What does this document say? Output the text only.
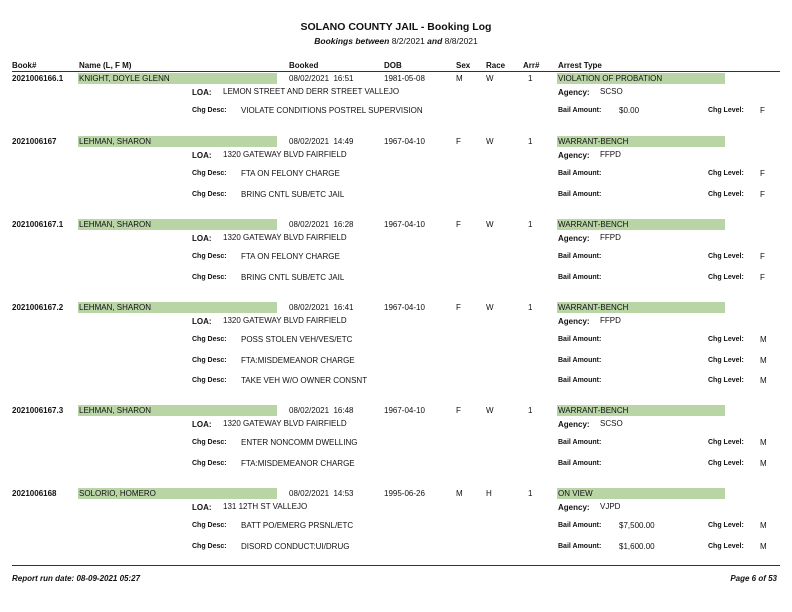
SOLANO COUNTY JAIL - Booking Log
Bookings between 8/2/2021 and 8/8/2021
Book#	Name (L, F M)	Booked	DOB	Sex Race Arr# Arrest Type
2021006166.1 KNIGHT, DOYLE GLENN	08/02/2021  16:51	1981-05-08	M	W	1	VIOLATION OF PROBATION
LOA: LEMON STREET AND DERR STREET VALLEJO	Agency: SCSO
Chg Desc: VIOLATE CONDITIONS POSTREL SUPERVISION	Bail Amount: $0.00	Chg Level: F
2021006167	LEHMAN, SHARON	08/02/2021  14:49	1967-04-10	F	W	1	WARRANT-BENCH
LOA: 1320 GATEWAY BLVD FAIRFIELD	Agency: FFPD
Chg Desc: FTA ON FELONY CHARGE	Bail Amount:	Chg Level: F
Chg Desc: BRING CNTL SUB/ETC JAIL	Bail Amount:	Chg Level: F
2021006167.1 LEHMAN, SHARON	08/02/2021  16:28	1967-04-10	F	W	1	WARRANT-BENCH
LOA: 1320 GATEWAY BLVD FAIRFIELD	Agency: FFPD
Chg Desc: FTA ON FELONY CHARGE	Bail Amount:	Chg Level: F
Chg Desc: BRING CNTL SUB/ETC JAIL	Bail Amount:	Chg Level: F
2021006167.2 LEHMAN, SHARON	08/02/2021  16:41	1967-04-10	F	W	1	WARRANT-BENCH
LOA: 1320 GATEWAY BLVD FAIRFIELD	Agency: FFPD
Chg Desc: POSS STOLEN VEH/VES/ETC	Bail Amount:	Chg Level: M
Chg Desc: FTA:MISDEMEANOR CHARGE	Bail Amount:	Chg Level: M
Chg Desc: TAKE VEH W/O OWNER CONSNT	Bail Amount:	Chg Level: M
2021006167.3 LEHMAN, SHARON	08/02/2021  16:48	1967-04-10	F	W	1	WARRANT-BENCH
LOA: 1320 GATEWAY BLVD FAIRFIELD	Agency: SCSO
Chg Desc: ENTER NONCOMM DWELLING	Bail Amount:	Chg Level: M
Chg Desc: FTA:MISDEMEANOR CHARGE	Bail Amount:	Chg Level: M
2021006168	SOLORIO, HOMERO	08/02/2021  14:53	1995-06-26	M	H	1	ON VIEW
LOA: 131 12TH ST VALLEJO	Agency: VJPD
Chg Desc: BATT PO/EMERG PRSNL/ETC	Bail Amount: $7,500.00	Chg Level: M
Chg Desc: DISORD CONDUCT:UI/DRUG	Bail Amount: $1,600.00	Chg Level: M
Report run date: 08-09-2021 05:27	Page 6 of 53
